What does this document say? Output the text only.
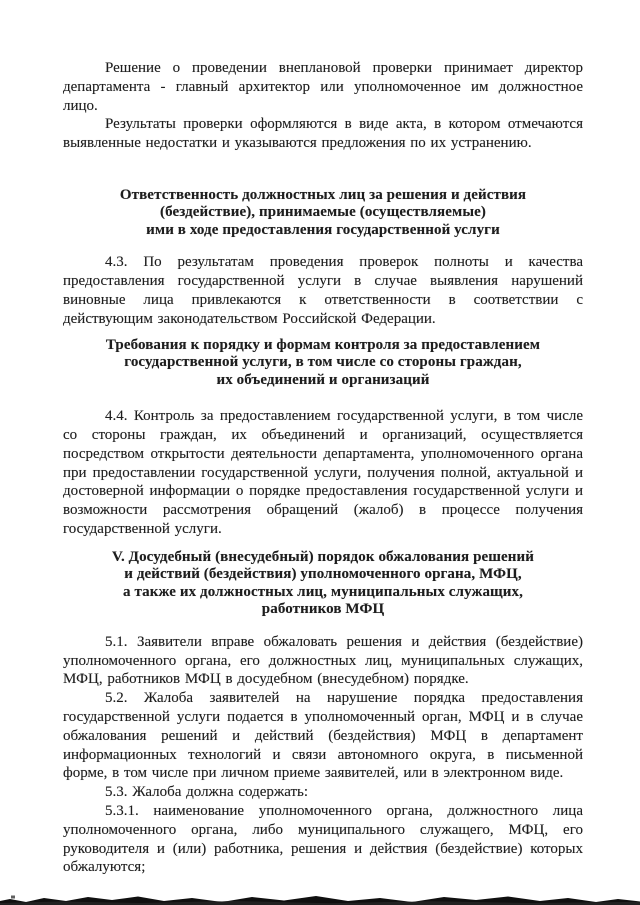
Решение о проведении внеплановой проверки принимает директор департамента - главный архитектор или уполномоченное им должностное лицо.

Результаты проверки оформляются в виде акта, в котором отмечаются выявленные недостатки и указываются предложения по их устранению.

Ответственность должностных лиц за решения и действия
(бездействие), принимаемые (осуществляемые)
ими в ходе предоставления государственной услуги

4.3. По результатам проведения проверок полноты и качества предоставления государственной услуги в случае выявления нарушений виновные лица привлекаются к ответственности в соответствии с действующим законодательством Российской Федерации.

Требования к порядку и формам контроля за предоставлением
государственной услуги, в том числе со стороны граждан,
их объединений и организаций

4.4. Контроль за предоставлением государственной услуги, в том числе со стороны граждан, их объединений и организаций, осуществляется посредством открытости деятельности департамента, уполномоченного органа при предоставлении государственной услуги, получения полной, актуальной и достоверной информации о порядке предоставления государственной услуги и возможности рассмотрения обращений (жалоб) в процессе получения государственной услуги.

V. Досудебный (внесудебный) порядок обжалования решений
и действий (бездействия) уполномоченного органа, МФЦ,
а также их должностных лиц, муниципальных служащих,
работников МФЦ

5.1. Заявители вправе обжаловать решения и действия (бездействие) уполномоченного органа, его должностных лиц, муниципальных служащих, МФЦ, работников МФЦ в досудебном (внесудебном) порядке.

5.2. Жалоба заявителей на нарушение порядка предоставления государственной услуги подается в уполномоченный орган, МФЦ и в случае обжалования решений и действий (бездействия) МФЦ в департамент информационных технологий и связи автономного округа, в письменной форме, в том числе при личном приеме заявителей, или в электронном виде.

5.3. Жалоба должна содержать:

5.3.1. наименование уполномоченного органа, должностного лица уполномоченного органа, либо муниципального служащего, МФЦ, его руководителя и (или) работника, решения и действия (бездействие) которых обжалуются;
